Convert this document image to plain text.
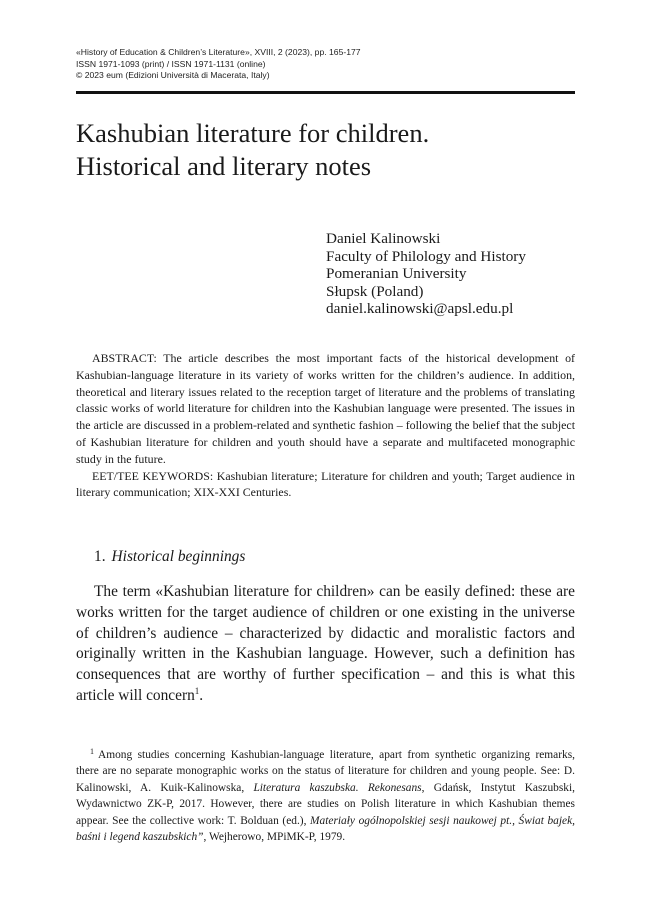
«History of Education & Children’s Literature», XVIII, 2 (2023), pp. 165-177
ISSN 1971-1093 (print) / ISSN 1971-1131 (online)
© 2023 eum (Edizioni Università di Macerata, Italy)
Kashubian literature for children.
Historical and literary notes
Daniel Kalinowski
Faculty of Philology and History
Pomeranian University
Słupsk (Poland)
daniel.kalinowski@apsl.edu.pl

ABSTRACT: The article describes the most important facts of the historical development of Kashubian-language literature in its variety of works written for the children’s audience. In addition, theoretical and literary issues related to the reception target of literature and the problems of translating classic works of world literature for children into the Kashubian language were presented. The issues in the article are discussed in a problem-related and synthetic fashion – following the belief that the subject of Kashubian literature for children and youth should have a separate and multifaceted monographic study in the future.

EET/TEE KEYWORDS: Kashubian literature; Literature for children and youth; Target audience in literary communication; XIX-XXI Centuries.

1. Historical beginnings

The term «Kashubian literature for children» can be easily defined: these are works written for the target audience of children or one existing in the universe of children’s audience – characterized by didactic and moralistic factors and originally written in the Kashubian language. However, such a definition has consequences that are worthy of further specification – and this is what this article will concern$^1$.

$^1$ Among studies concerning Kashubian-language literature, apart from synthetic organizing remarks, there are no separate monographic works on the status of literature for children and young people. See: D. Kalinowski, A. Kuik-Kalinowska, Literatura kaszubska. Rekonesans, Gdańsk, Instytut Kaszubski, Wydawnictwo ZK-P, 2017. However, there are studies on Polish literature in which Kashubian themes appear. See the collective work: T. Bolduan (ed.), Materiały ogólnopolskiej sesji naukowej pt., Świat bajek, baśni i legend kaszubskich”, Wejherowo, MPiMK-P, 1979.
